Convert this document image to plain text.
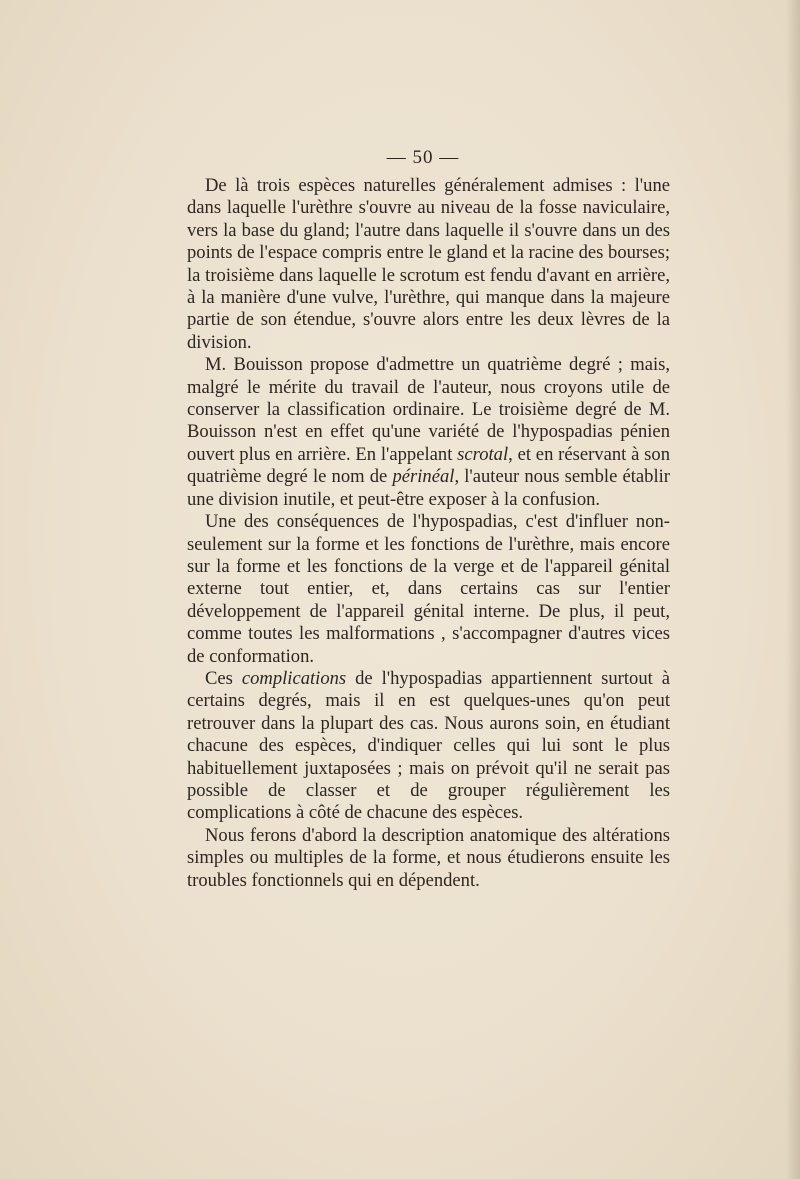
— 50 —

De là trois espèces naturelles généralement admises : l'une dans laquelle l'urèthre s'ouvre au niveau de la fosse naviculaire, vers la base du gland; l'autre dans laquelle il s'ouvre dans un des points de l'espace compris entre le gland et la racine des bourses; la troisième dans laquelle le scrotum est fendu d'avant en arrière, à la manière d'une vulve, l'urèthre, qui manque dans la majeure partie de son étendue, s'ouvre alors entre les deux lèvres de la division.

M. Bouisson propose d'admettre un quatrième degré ; mais, malgré le mérite du travail de l'auteur, nous croyons utile de conserver la classification ordinaire. Le troisième degré de M. Bouisson n'est en effet qu'une variété de l'hypospadias pénien ouvert plus en arrière. En l'appelant scrotal, et en réservant à son quatrième degré le nom de périnéal, l'auteur nous semble établir une division inutile, et peut-être exposer à la confusion.

Une des conséquences de l'hypospadias, c'est d'influer non-seulement sur la forme et les fonctions de l'urèthre, mais encore sur la forme et les fonctions de la verge et de l'appareil génital externe tout entier, et, dans certains cas sur l'entier développement de l'appareil génital interne. De plus, il peut, comme toutes les malformations , s'accompagner d'autres vices de conformation.

Ces complications de l'hypospadias appartiennent surtout à certains degrés, mais il en est quelques-unes qu'on peut retrouver dans la plupart des cas. Nous aurons soin, en étudiant chacune des espèces, d'indiquer celles qui lui sont le plus habituellement juxtaposées ; mais on prévoit qu'il ne serait pas possible de classer et de grouper régulièrement les complications à côté de chacune des espèces.

Nous ferons d'abord la description anatomique des altérations simples ou multiples de la forme, et nous étudierons ensuite les troubles fonctionnels qui en dépendent.
